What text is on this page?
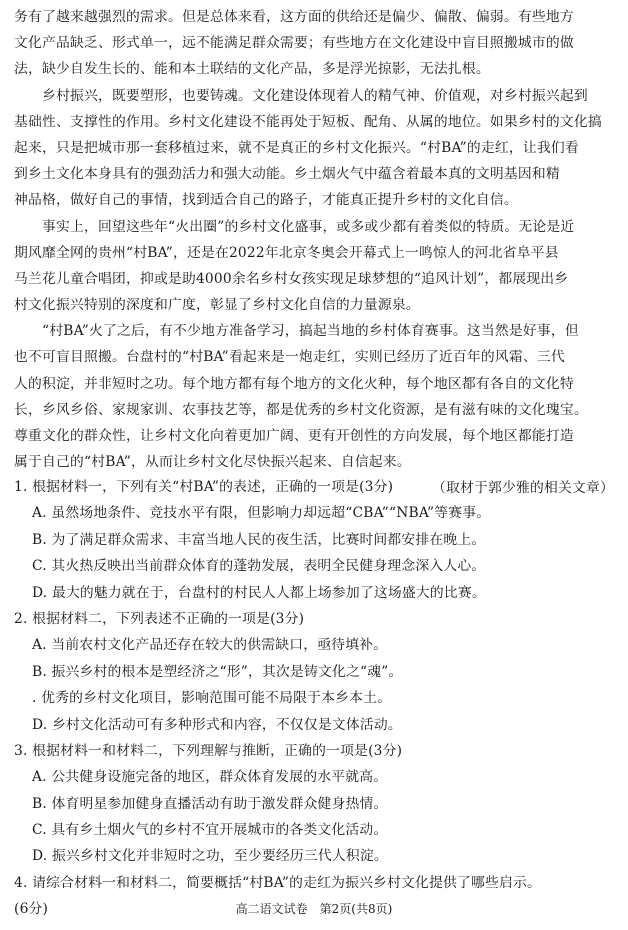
务有了越来越强烈的需求。但是总体来看，这方面的供给还是偏少、偏散、偏弱。有些地方
文化产品缺乏、形式单一，远不能满足群众需要；有些地方在文化建设中盲目照搬城市的做
法，缺少自发生长的、能和本土联结的文化产品，多是浮光掠影，无法扎根。
乡村振兴，既要塑形，也要铸魂。文化建设体现着人的精气神、价值观，对乡村振兴起到
基础性、支撑性的作用。乡村文化建设不能再处于短板、配角、从属的地位。如果乡村的文化搞
起来，只是把城市那一套移植过来，就不是真正的乡村文化振兴。“村BA”的走红，让我们看
到乡土文化本身具有的强劲活力和强大动能。乡土烟火气中蕴含着最本真的文明基因和精
神品格，做好自己的事情，找到适合自己的路子，才能真正提升乡村的文化自信。
事实上，回望这些年“火出圈”的乡村文化盛事，或多或少都有着类似的特质。无论是近
期风靡全网的贵州“村BA”，还是在2022年北京冬奥会开幕式上一鸣惊人的河北省阜平县
马兰花儿童合唱团，抑或是助4000余名乡村女孩实现足球梦想的“追风计划”，都展现出乡
村文化振兴特别的深度和广度，彰显了乡村文化自信的力量源泉。
“村BA”火了之后，有不少地方准备学习，搞起当地的乡村体育赛事。这当然是好事，但
也不可盲目照搬。台盘村的“村BA”看起来是一炮走红，实则已经历了近百年的风霜、三代
人的积淀，并非短时之功。每个地方都有每个地方的文化火种，每个地区都有各自的文化特
长，乡风乡俗、家规家训、农事技艺等，都是优秀的乡村文化资源，是有滋有味的文化瑰宝。
尊重文化的群众性，让乡村文化向着更加广阔、更有开创性的方向发展，每个地区都能打造
属于自己的“村BA”，从而让乡村文化尽快振兴起来、自信起来。
（取材于郭少雅的相关文章）
1. 根据材料一，下列有关“村BA”的表述，正确的一项是(3分)
A. 虽然场地条件、竞技水平有限，但影响力却远超“CBA”“NBA”等赛事。
B. 为了满足群众需求、丰富当地人民的夜生活，比赛时间都安排在晚上。
C. 其火热反映出当前群众体育的蓬勃发展，表明全民健身理念深入人心。
D. 最大的魅力就在于，台盘村的村民人人都上场参加了这场盛大的比赛。
2. 根据材料二，下列表述不正确的一项是(3分)
A. 当前农村文化产品还存在较大的供需缺口，亟待填补。
B. 振兴乡村的根本是塑经济之“形”，其次是铸文化之“魂”。
. 优秀的乡村文化项目，影响范围可能不局限于本乡本土。
D. 乡村文化活动可有多种形式和内容，不仅仅是文体活动。
3. 根据材料一和材料二，下列理解与推断，正确的一项是(3分)
A. 公共健身设施完备的地区，群众体育发展的水平就高。
B. 体育明星参加健身直播活动有助于激发群众健身热情。
C. 具有乡土烟火气的乡村不宜开展城市的各类文化活动。
D. 振兴乡村文化并非短时之功，至少要经历三代人积淀。
4. 请综合材料一和材料二，简要概括“村BA”的走红为振兴乡村文化提供了哪些启示。
(6分)	高二语文试卷　第2页(共8页)
